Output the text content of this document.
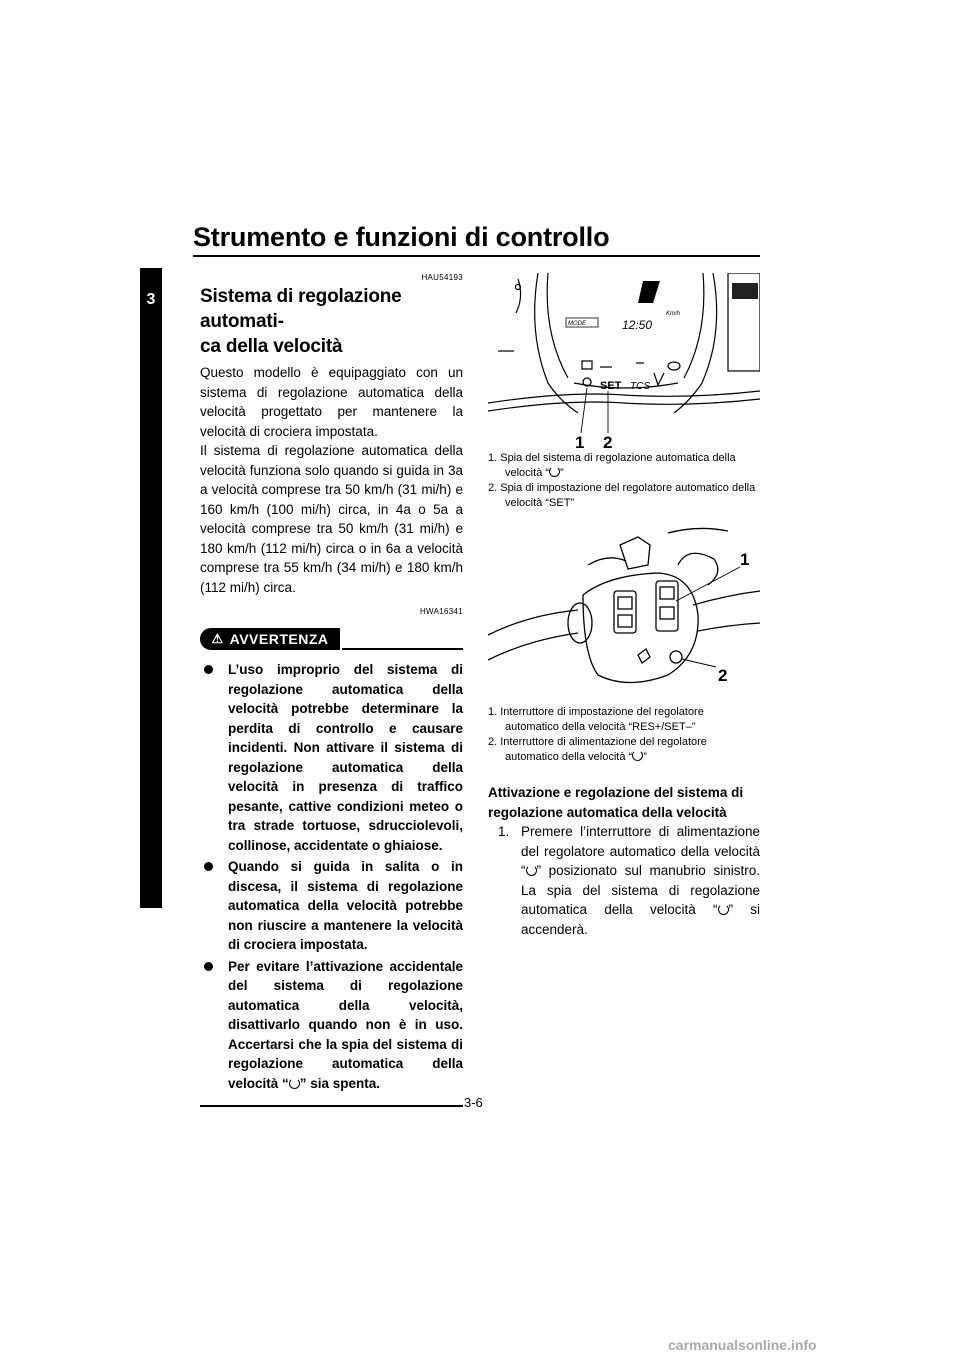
Strumento e funzioni di controllo
3
HAU54193
Sistema di regolazione automati-
ca della velocità

Questo modello è equipaggiato con un sistema di regolazione automatica della velocità progettato per mantenere la velocità di crociera impostata.

Il sistema di regolazione automatica della velocità funziona solo quando si guida in 3a a velocità comprese tra 50 km/h (31 mi/h) e 160 km/h (100 mi/h) circa, in 4a o 5a a velocità comprese tra 50 km/h (31 mi/h) e 180 km/h (112 mi/h) circa o in 6a a velocità comprese tra 55 km/h (34 mi/h) e 180 km/h (112 mi/h) circa.

HWA16341
⚠ AVVERTENZA
L’uso improprio del sistema di regolazione automatica della velocità potrebbe determinare la perdita di controllo e causare incidenti. Non attivare il sistema di regolazione automatica della velocità in presenza di traffico pesante, cattive condizioni meteo o tra strade tortuose, sdrucciolevoli, collinose, accidentate o ghiaiose.
Quando si guida in salita o in discesa, il sistema di regolazione automatica della velocità potrebbe non riuscire a mantenere la velocità di crociera impostata.
Per evitare l’attivazione accidentale del sistema di regolazione automatica della velocità, disattivarlo quando non è in uso. Accertarsi che la spia del sistema di regolazione automatica della velocità “ ” sia spenta.
Km/h
12:50
MODE
SET TCS
1 2

1. Spia del sistema di regolazione automatica della velocità “ ”

2. Spia di impostazione del regolatore automatico della velocità “SET”

1
2

1. Interruttore di impostazione del regolatore automatico della velocità “RES+/SET–”

2. Interruttore di alimentazione del regolatore automatico della velocità “ ”

Attivazione e regolazione del sistema di regolazione automatica della velocità
1. Premere l’interruttore di alimentazione del regolatore automatico della velocità “ ” posizionato sul manubrio sinistro. La spia del sistema di regolazione automatica della velocità “ ” si accenderà.
3-6
carmanualsonline.info
